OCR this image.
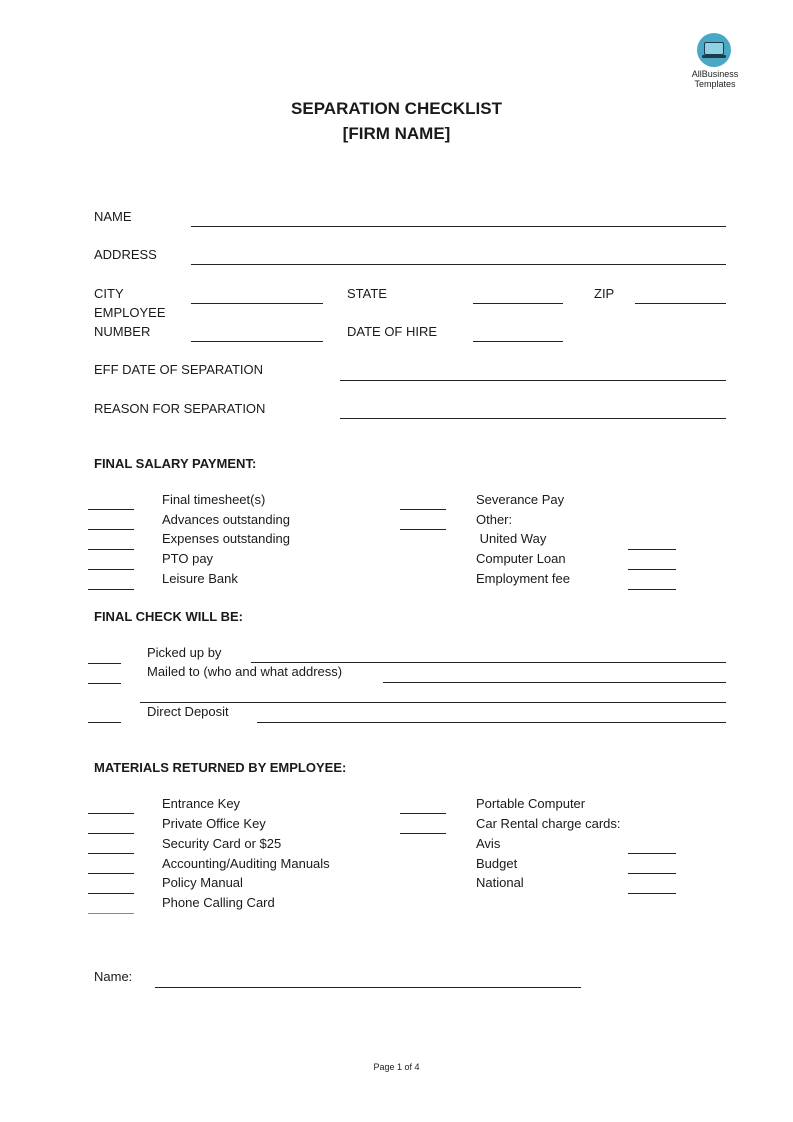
AllBusiness
Templates
SEPARATION CHECKLIST
[FIRM NAME]
NAME
ADDRESS
CITY	STATE	ZIP
EMPLOYEE
NUMBER	DATE OF HIRE
EFF DATE OF SEPARATION
REASON FOR SEPARATION
FINAL SALARY PAYMENT:
Final timesheet(s)
Advances outstanding
Expenses outstanding
PTO pay
Leisure Bank
Severance Pay
Other:
United Way
Computer Loan
Employment fee
FINAL CHECK WILL BE:
Picked up by
Mailed to (who and what address)
Direct Deposit
MATERIALS RETURNED BY EMPLOYEE:
Entrance Key
Private Office Key
Security Card or $25
Accounting/Auditing Manuals
Policy Manual
Phone Calling Card
Portable Computer
Car Rental charge cards:
Avis
Budget
National
Name:
Page 1 of 4
